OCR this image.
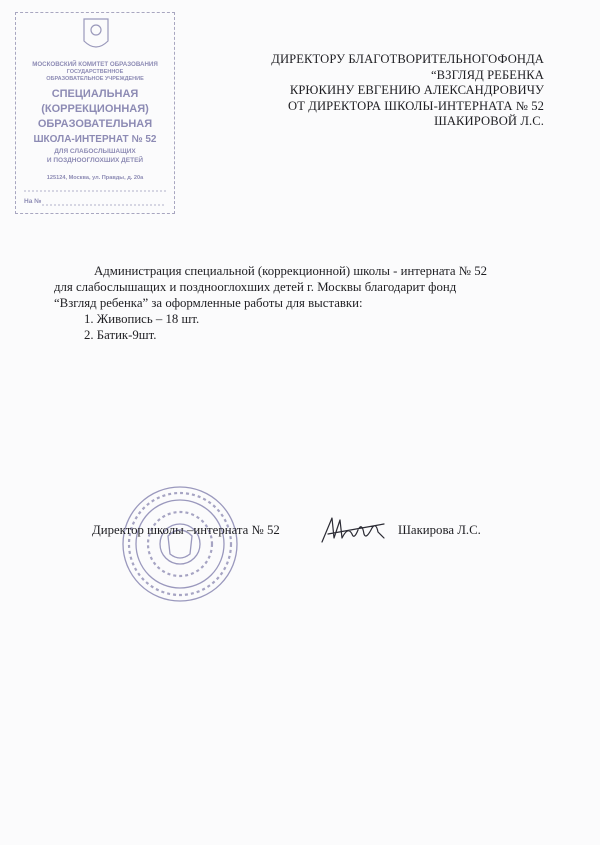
МОСКОВСКИЙ КОМИТЕТ ОБРАЗОВАНИЯ
ГОСУДАРСТВЕННОЕ
ОБРАЗОВАТЕЛЬНОЕ УЧРЕЖДЕНИЕ
СПЕЦИАЛЬНАЯ
(КОРРЕКЦИОННАЯ)
ОБРАЗОВАТЕЛЬНАЯ
ШКОЛА-ИНТЕРНАТ № 52
ДЛЯ СЛАБОСЛЫШАЩИХ
И ПОЗДНООГЛОХШИХ ДЕТЕЙ
125124, Москва, ул. Правды, д. 20а
На №
ДИРЕКТОРУ БЛАГОТВОРИТЕЛЬНОГОФОНДА
“ВЗГЛЯД РЕБЕНКА
КРЮКИНУ ЕВГЕНИЮ АЛЕКСАНДРОВИЧУ
ОТ ДИРЕКТОРА ШКОЛЫ-ИНТЕРНАТА № 52
ШАКИРОВОЙ Л.С.
Администрация специальной (коррекционной) школы - интерната № 52
для слабослышащих и позднооглохших детей г. Москвы благодарит фонд
“Взгляд ребенка” за оформленные работы для выставки:
1. Живопись – 18 шт.
2. Батик-9шт.
Директор школы –интерната № 52	Шакирова Л.С.
